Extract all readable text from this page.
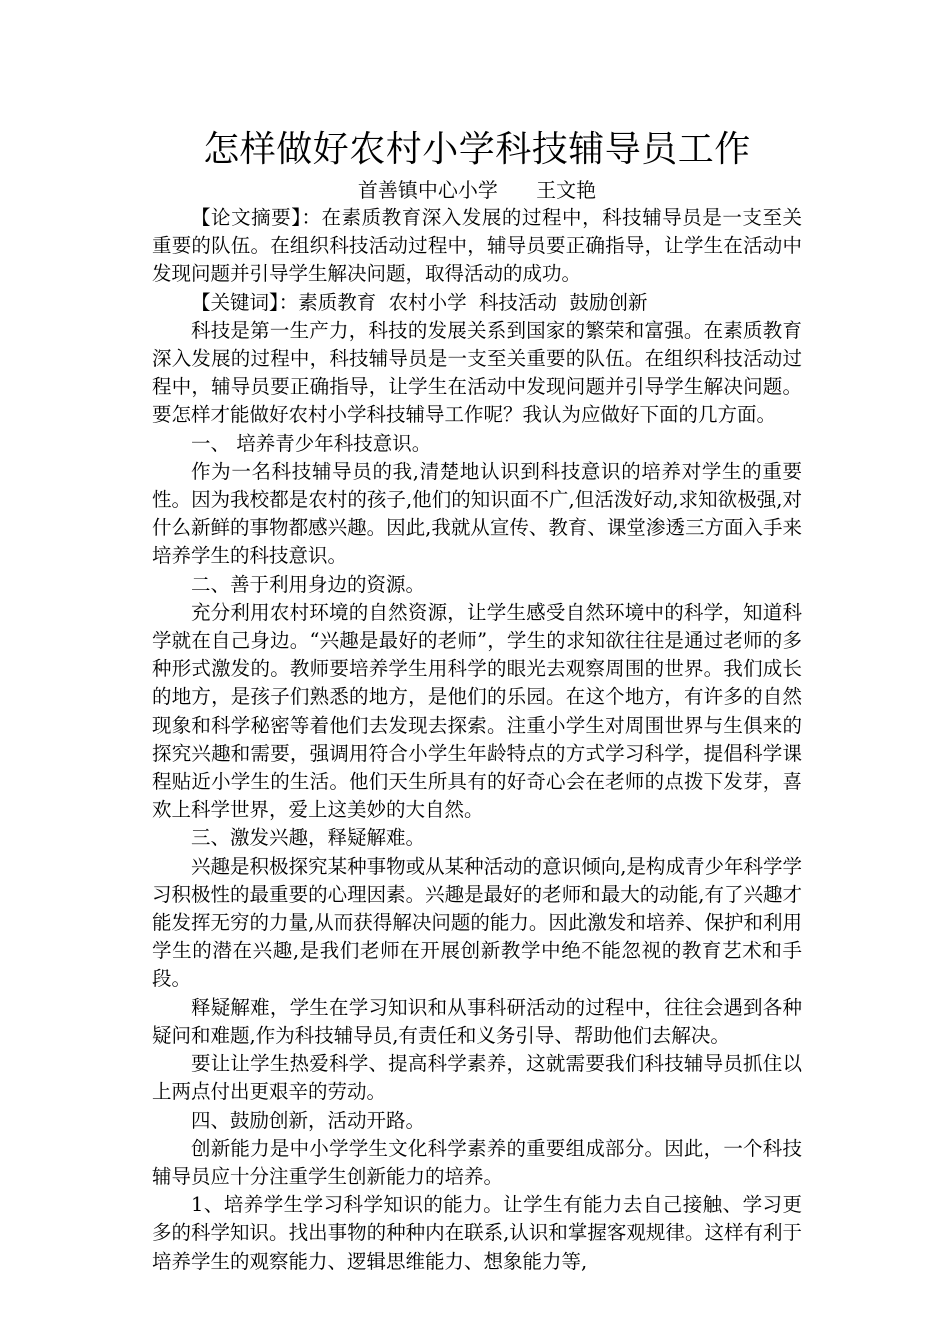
怎样做好农村小学科技辅导员工作

首善镇中心小学      王文艳

【论文摘要】：在素质教育深入发展的过程中，科技辅导员是一支至关重要的队伍。在组织科技活动过程中，辅导员要正确指导，让学生在活动中发现问题并引导学生解决问题，取得活动的成功。

【关键词】：素质教育  农村小学  科技活动  鼓励创新

科技是第一生产力，科技的发展关系到国家的繁荣和富强。在素质教育深入发展的过程中，科技辅导员是一支至关重要的队伍。在组织科技活动过程中，辅导员要正确指导，让学生在活动中发现问题并引导学生解决问题。要怎样才能做好农村小学科技辅导工作呢？我认为应做好下面的几方面。

一、 培养青少年科技意识。

作为一名科技辅导员的我,清楚地认识到科技意识的培养对学生的重要性。因为我校都是农村的孩子,他们的知识面不广,但活泼好动,求知欲极强,对什么新鲜的事物都感兴趣。因此,我就从宣传、教育、课堂渗透三方面入手来培养学生的科技意识。

二、善于利用身边的资源。

充分利用农村环境的自然资源，让学生感受自然环境中的科学，知道科学就在自己身边。“兴趣是最好的老师”，学生的求知欲往往是通过老师的多种形式激发的。教师要培养学生用科学的眼光去观察周围的世界。我们成长的地方，是孩子们熟悉的地方，是他们的乐园。在这个地方，有许多的自然现象和科学秘密等着他们去发现去探索。注重小学生对周围世界与生俱来的探究兴趣和需要，强调用符合小学生年龄特点的方式学习科学，提倡科学课程贴近小学生的生活。他们天生所具有的好奇心会在老师的点拨下发芽，喜欢上科学世界，爱上这美妙的大自然。

三、激发兴趣，释疑解难。

兴趣是积极探究某种事物或从某种活动的意识倾向,是构成青少年科学学习积极性的最重要的心理因素。兴趣是最好的老师和最大的动能,有了兴趣才能发挥无穷的力量,从而获得解决问题的能力。因此激发和培养、保护和利用学生的潜在兴趣,是我们老师在开展创新教学中绝不能忽视的教育艺术和手段。

释疑解难，学生在学习知识和从事科研活动的过程中，往往会遇到各种疑问和难题,作为科技辅导员,有责任和义务引导、帮助他们去解决。

要让让学生热爱科学、提高科学素养，这就需要我们科技辅导员抓住以上两点付出更艰辛的劳动。

四、鼓励创新，活动开路。

创新能力是中小学学生文化科学素养的重要组成部分。因此，一个科技辅导员应十分注重学生创新能力的培养。

1、培养学生学习科学知识的能力。让学生有能力去自己接触、学习更多的科学知识。找出事物的种种内在联系,认识和掌握客观规律。这样有利于培养学生的观察能力、逻辑思维能力、想象能力等,
